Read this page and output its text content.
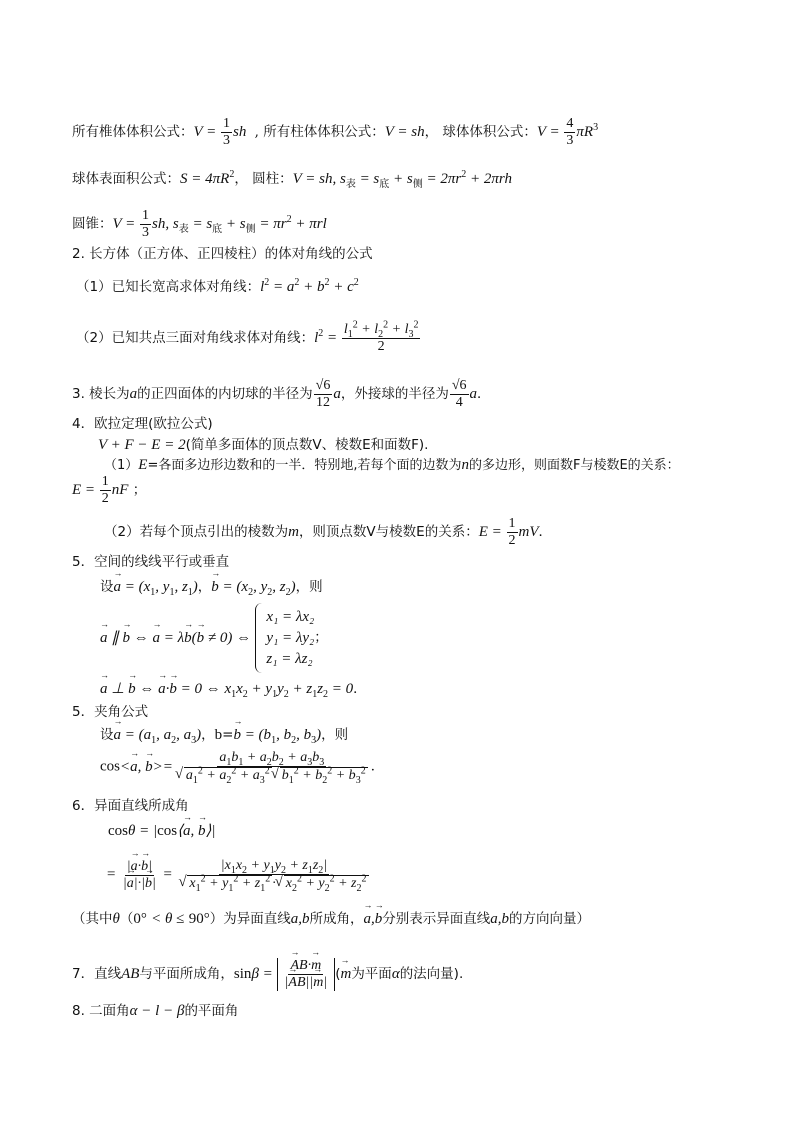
所有椎体体积公式：$V = \frac{1}{3}$ sh , 所有柱体体积公式：V = sh， 球体体积公式：$V = \frac{4}{3} \pi R^3$
球体表面积公式：$S = 4\pi R^2$， 圆柱：V = sh, $s_表 = s_底 + s_侧 = 2\pi r^2 + 2\pi rh$
圆锥：$V = \frac{1}{3}$ sh, $s_表 = s_底 + s_侧 = \pi r^2 + \pi rl$
2. 长方体（正方体、正四棱柱）的体对角线的公式
（1）已知长宽高求体对角线：$l^2 = a^2 + b^2 + c^2$
（2）已知共点三面对角线求体对角线：$l^2 = \frac{l_1^2 + l_2^2 + l_3^2}{2}$
3. 棱长为a的正四面体的内切球的半径为 $\frac{√6}{12}$ a，外接球的半径为 $\frac{√6}{4}$ a．
4．欧拉定理(欧拉公式)
V + F − E = 2(简单多面体的顶点数V、棱数E和面数F).
（1）E=各面多边形边数和的一半．特别地,若每个面的边数为n的多边形，则面数F与棱数E的关系：
$E = \frac{1}{2}$ nF ；
（2）若每个顶点引出的棱数为m，则顶点数V与棱数E的关系：$E = \frac{1}{2}$ mV．
5．空间的线线平行或垂直
设→ $a = (x_1$, $y_1$, $z_1$)，→ $b = (x_2$, $y_2$, $z_2$)，则
→ a ∥ → b ⇔ → a = λ→ b(→ b ≠ 0) ⇔
x₁ = λx₂
y₁ = λy₂
z₁ = λz₂
；
→ a ⊥ → b ⇔ → a·→ b = 0 ⇔ $x_1x_2 + y_1y_2 + z_1z_2 = 0$．
5．夹角公式
设→ $a = (a_1$, $a_2$, $a_3$)，$b=\to b = (b_1$, $b_2$, $b_3$)，则
cos<→ a, → $b>= a_1b_1 + a_2b_2 + a_3b_3$
√ $a_1^2 + a_2^2 + a_3^2√$ $b_1^2 + b_2^2 + b_3^2$ ．
6．异面直线所成角
cosθ = |cos⟨→ a, → b⟩|
= $\frac{|\to a\cdot\to b|}{|\to a|\cdot|\to b|} = |x_1x_2 + y_1y_2 + z_1z_2|$
√ $x_1^2 + y_1^2 + z_1^2$ ·√ $x_2^2 + y_2^2 + z_2^2$
（其中θ（0° < θ ≤ 90°）为异面直线a,b所成角，→ a,→ b分别表示异面直线a,b的方向向量）
7．直线AB与平面所成角，sinβ =
→ $\frac{AB\cdot\to m}{|\to AB||\to m|}$ (→ m为平面α的法向量).
8. 二面角α − l − β的平面角
